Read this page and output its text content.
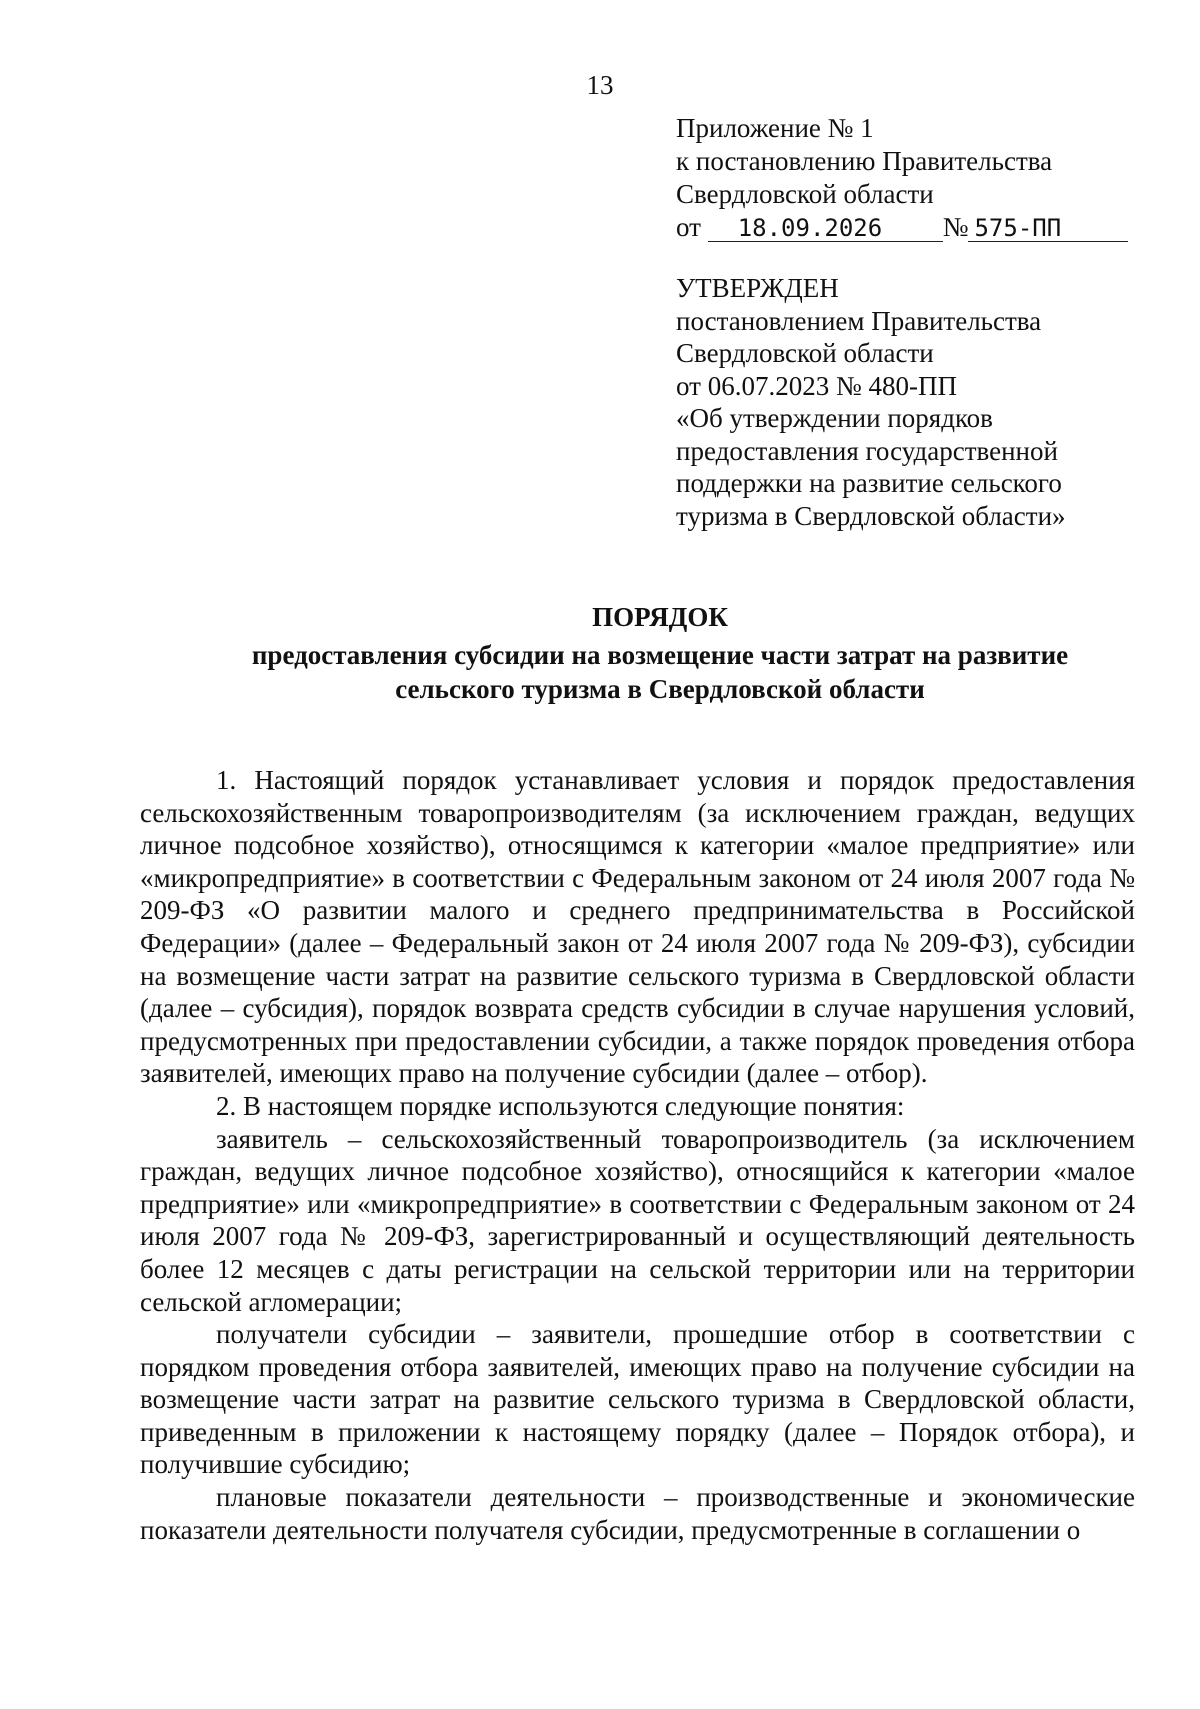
13
Приложение № 1
к постановлению Правительства
Свердловской области
от 18.09.2026 № 575-ПП
УТВЕРЖДЕН
постановлением Правительства
Свердловской области
от 06.07.2023 № 480-ПП
«Об утверждении порядков
предоставления государственной
поддержки на развитие сельского
туризма в Свердловской области»
ПОРЯДОК
предоставления субсидии на возмещение части затрат на развитие
сельского туризма в Свердловской области

1. Настоящий порядок устанавливает условия и порядок предоставления сельскохозяйственным товаропроизводителям (за исключением граждан, ведущих личное подсобное хозяйство), относящимся к категории «малое предприятие» или «микропредприятие» в соответствии с Федеральным законом от 24 июля 2007 года № 209-ФЗ «О развитии малого и среднего предпринимательства в Российской Федерации» (далее – Федеральный закон от 24 июля 2007 года № 209-ФЗ), субсидии на возмещение части затрат на развитие сельского туризма в Свердловской области (далее – субсидия), порядок возврата средств субсидии в случае нарушения условий, предусмотренных при предоставлении субсидии, а также порядок проведения отбора заявителей, имеющих право на получение субсидии (далее – отбор).

2. В настоящем порядке используются следующие понятия:

заявитель – сельскохозяйственный товаропроизводитель (за исключением граждан, ведущих личное подсобное хозяйство), относящийся к категории «малое предприятие» или «микропредприятие» в соответствии с Федеральным законом от 24 июля 2007 года № 209-ФЗ, зарегистрированный и осуществляющий деятельность более 12 месяцев с даты регистрации на сельской территории или на территории сельской агломерации;

получатели субсидии – заявители, прошедшие отбор в соответствии с порядком проведения отбора заявителей, имеющих право на получение субсидии на возмещение части затрат на развитие сельского туризма в Свердловской области, приведенным в приложении к настоящему порядку (далее – Порядок отбора), и получившие субсидию;

плановые показатели деятельности – производственные и экономические показатели деятельности получателя субсидии, предусмотренные в соглашении о
